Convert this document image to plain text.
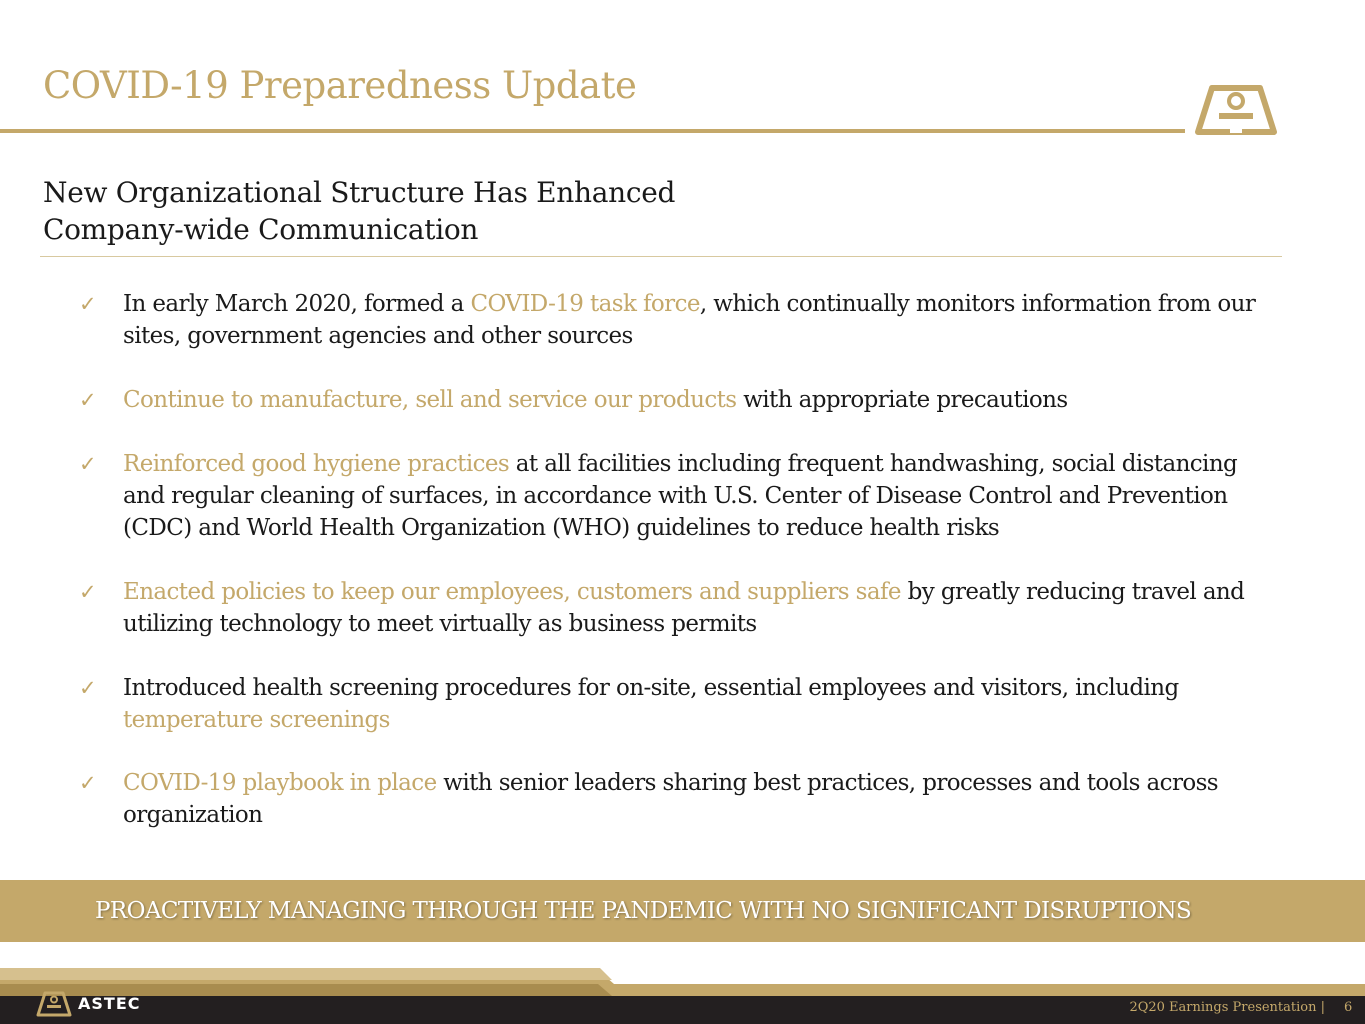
COVID-19 Preparedness Update
New Organizational Structure Has Enhanced
Company-wide Communication
✓ In early March 2020, formed a COVID-19 task force, which continually monitors information from our sites, government agencies and other sources
✓ Continue to manufacture, sell and service our products with appropriate precautions
✓ Reinforced good hygiene practices at all facilities including frequent handwashing, social distancing and regular cleaning of surfaces, in accordance with U.S. Center of Disease Control and Prevention (CDC) and World Health Organization (WHO) guidelines to reduce health risks
✓ Enacted policies to keep our employees, customers and suppliers safe by greatly reducing travel and utilizing technology to meet virtually as business permits
✓ Introduced health screening procedures for on-site, essential employees and visitors, including temperature screenings
✓ COVID-19 playbook in place with senior leaders sharing best practices, processes and tools across organization
PROACTIVELY MANAGING THROUGH THE PANDEMIC WITH NO SIGNIFICANT DISRUPTIONS
ASTEC	2Q20 Earnings Presentation | 6
